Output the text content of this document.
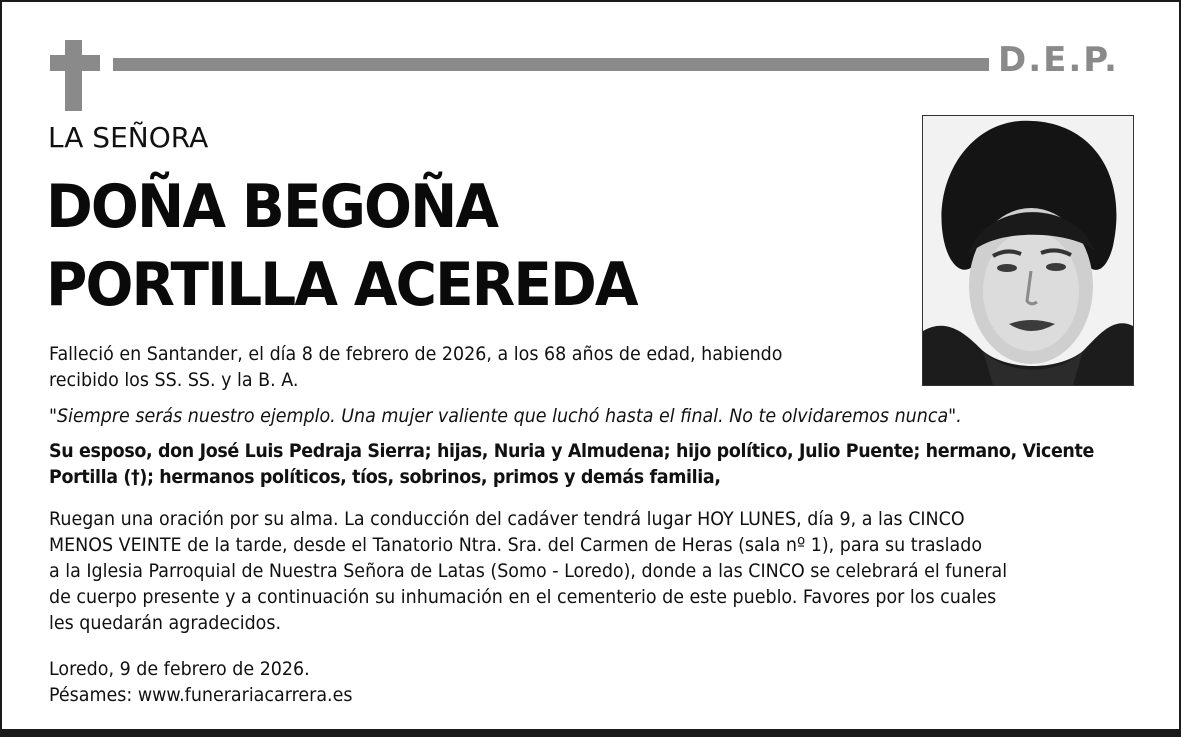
D.E.P.
LA SEÑORA
DOÑA BEGOÑA
PORTILLA ACEREDA
Falleció en Santander, el día 8 de febrero de 2026, a los 68 años de edad, habiendo
recibido los SS. SS. y la B. A.
"Siempre serás nuestro ejemplo. Una mujer valiente que luchó hasta el final. No te olvidaremos nunca".
Su esposo, don José Luis Pedraja Sierra; hijas, Nuria y Almudena; hijo político, Julio Puente; hermano, Vicente
Portilla (†); hermanos políticos, tíos, sobrinos, primos y demás familia,
Ruegan una oración por su alma. La conducción del cadáver tendrá lugar HOY LUNES, día 9, a las CINCO
MENOS VEINTE de la tarde, desde el Tanatorio Ntra. Sra. del Carmen de Heras (sala nº 1), para su traslado
a la Iglesia Parroquial de Nuestra Señora de Latas (Somo - Loredo), donde a las CINCO se celebrará el funeral
de cuerpo presente y a continuación su inhumación en el cementerio de este pueblo. Favores por los cuales
les quedarán agradecidos.
Loredo, 9 de febrero de 2026.
Pésames: www.funerariacarrera.es
